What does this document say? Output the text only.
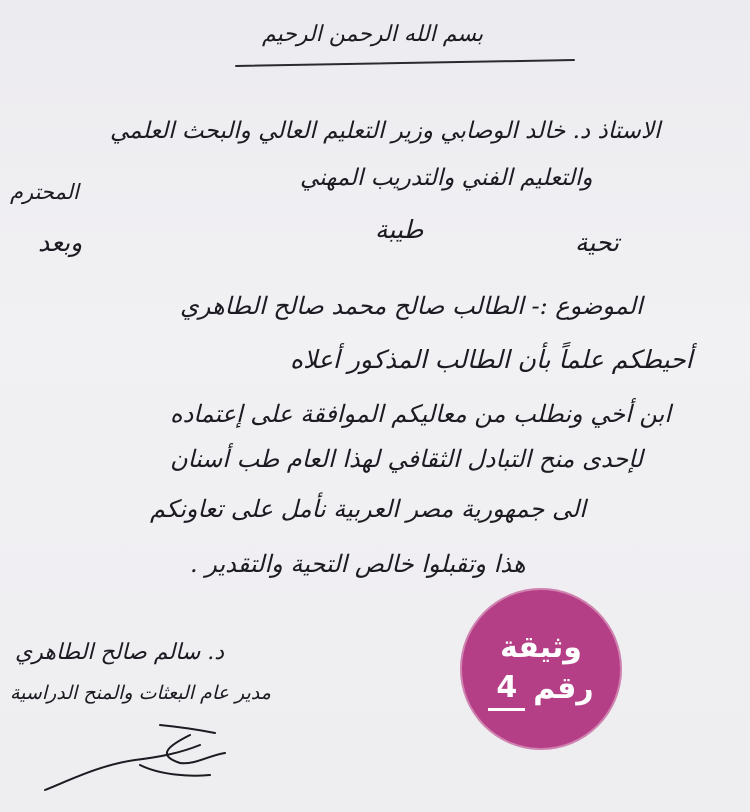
بسم الله الرحمن الرحيم
الاستاذ د. خالد الوصابي وزير التعليم العالي والبحث العلمي
والتعليم الفني والتدريب المهني
المحترم
تحية
طيبة
وبعد
الموضوع :- الطالب صالح محمد صالح الطاهري
أحيطكم علماً بأن الطالب المذكور أعلاه
ابن أخي ونطلب من معاليكم الموافقة على إعتماده
لإحدى منح التبادل الثقافي لهذا العام طب أسنان
الى جمهورية مصر العربية نأمل على تعاونكم
هذا وتقبلوا خالص التحية والتقدير .
د. سالم صالح الطاهري
مدير عام البعثات والمنح الدراسية
وثيقة
رقم
4
